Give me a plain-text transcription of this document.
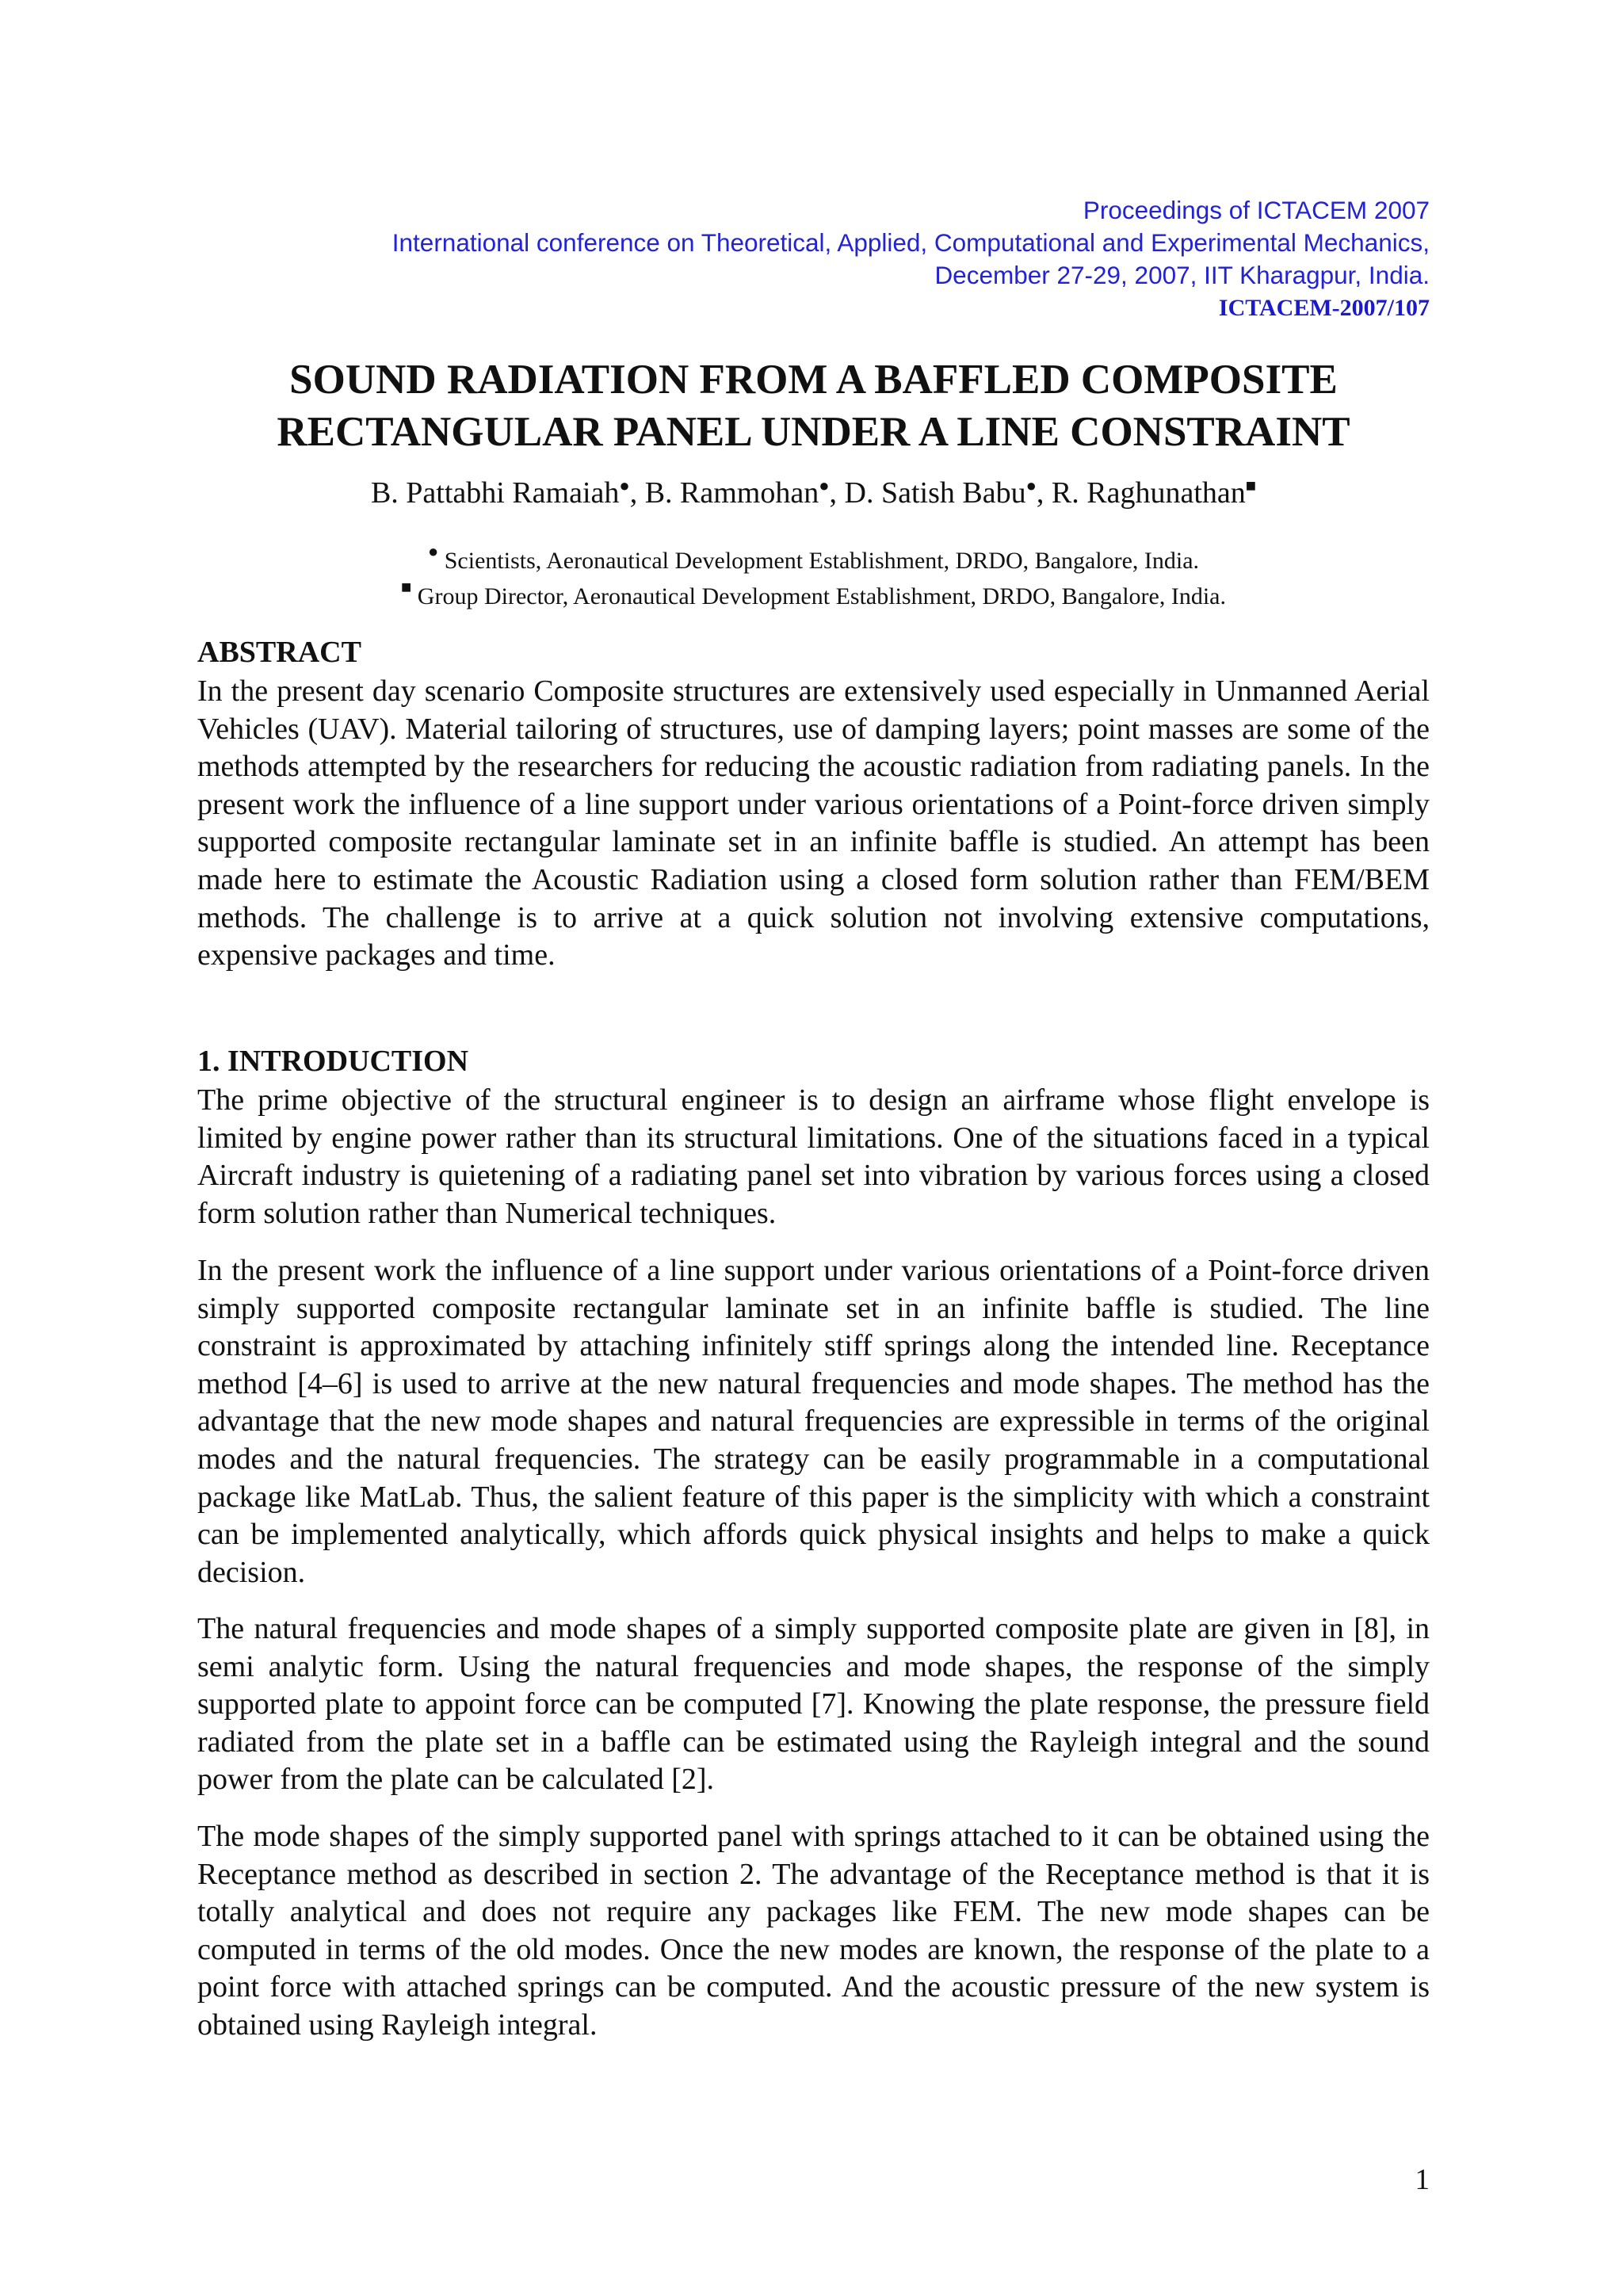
Proceedings of ICTACEM 2007
International conference on Theoretical, Applied, Computational and Experimental Mechanics,
December 27-29, 2007, IIT Kharagpur, India.
ICTACEM-2007/107
SOUND RADIATION FROM A BAFFLED COMPOSITE
RECTANGULAR PANEL UNDER A LINE CONSTRAINT
B. Pattabhi Ramaiah●, B. Rammohan●, D. Satish Babu●, R. Raghunathan■
● Scientists, Aeronautical Development Establishment, DRDO, Bangalore, India.
■ Group Director, Aeronautical Development Establishment, DRDO, Bangalore, India.
ABSTRACT

In the present day scenario Composite structures are extensively used especially in Unmanned Aerial Vehicles (UAV). Material tailoring of structures, use of damping layers; point masses are some of the methods attempted by the researchers for reducing the acoustic radiation from radiating panels. In the present work the influence of a line support under various orientations of a Point-force driven simply supported composite rectangular laminate set in an infinite baffle is studied. An attempt has been made here to estimate the Acoustic Radiation using a closed form solution rather than FEM/BEM methods. The challenge is to arrive at a quick solution not involving extensive computations, expensive packages and time.

1. INTRODUCTION

The prime objective of the structural engineer is to design an airframe whose flight envelope is limited by engine power rather than its structural limitations. One of the situations faced in a typical Aircraft industry is quietening of a radiating panel set into vibration by various forces using a closed form solution rather than Numerical techniques.

In the present work the influence of a line support under various orientations of a Point-force driven simply supported composite rectangular laminate set in an infinite baffle is studied. The line constraint is approximated by attaching infinitely stiff springs along the intended line. Receptance method [4–6] is used to arrive at the new natural frequencies and mode shapes. The method has the advantage that the new mode shapes and natural frequencies are expressible in terms of the original modes and the natural frequencies. The strategy can be easily programmable in a computational package like MatLab. Thus, the salient feature of this paper is the simplicity with which a constraint can be implemented analytically, which affords quick physical insights and helps to make a quick decision.

The natural frequencies and mode shapes of a simply supported composite plate are given in [8], in semi analytic form. Using the natural frequencies and mode shapes, the response of the simply supported plate to appoint force can be computed [7]. Knowing the plate response, the pressure field radiated from the plate set in a baffle can be estimated using the Rayleigh integral and the sound power from the plate can be calculated [2].

The mode shapes of the simply supported panel with springs attached to it can be obtained using the Receptance method as described in section 2. The advantage of the Receptance method is that it is totally analytical and does not require any packages like FEM. The new mode shapes can be computed in terms of the old modes. Once the new modes are known, the response of the plate to a point force with attached springs can be computed. And the acoustic pressure of the new system is obtained using Rayleigh integral.

1
